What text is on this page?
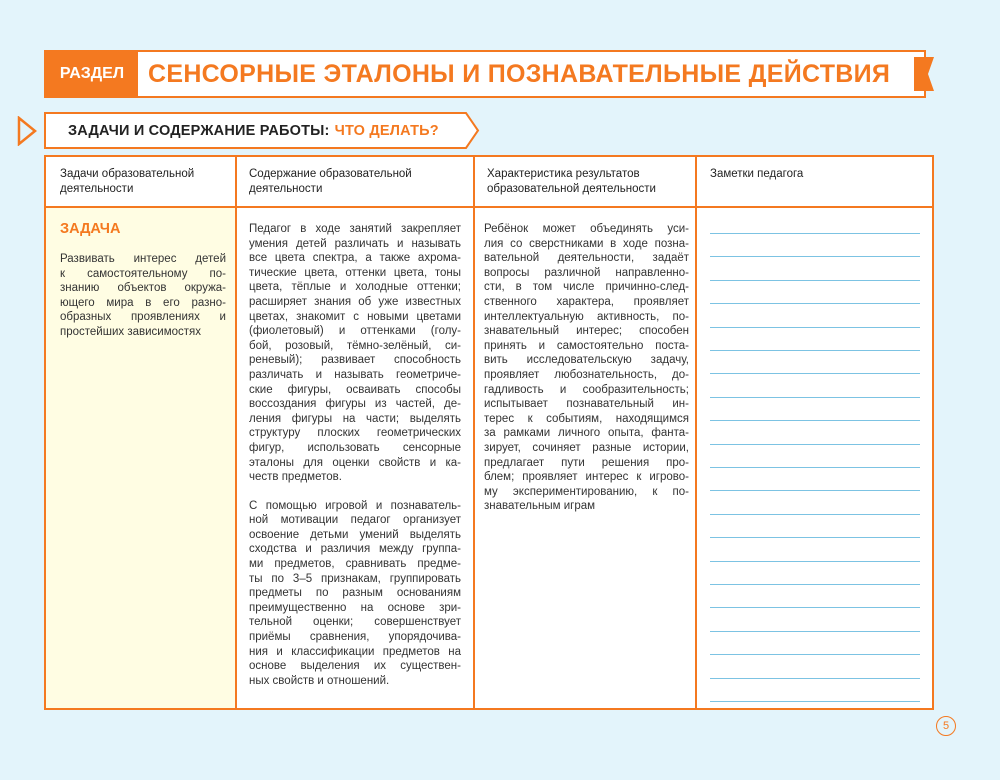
РАЗДЕЛ СЕНСОРНЫЕ ЭТАЛОНЫ И ПОЗНАВАТЕЛЬНЫЕ ДЕЙСТВИЯ
ЗАДАЧИ И СОДЕРЖАНИЕ РАБОТЫ: ЧТО ДЕЛАТЬ?
Задачи образовательной
деятельности
Содержание образовательной
деятельности
Характеристика результатов
образовательной деятельности
Заметки педагога
ЗАДАЧА
Развивать интерес детей
к самостоятельному по-
знанию объектов окружа-
ющего мира в его разно-
образных проявлениях и
простейших зависимостях
Педагог в ходе занятий закрепляет
умения детей различать и называть
все цвета спектра, а также ахрома-
тические цвета, оттенки цвета, тоны
цвета, тёплые и холодные оттенки;
расширяет знания об уже известных
цветах, знакомит с новыми цветами
(фиолетовый) и оттенками (голу-
бой, розовый, тёмно-зелёный, си-
реневый); развивает способность
различать и называть геометриче-
ские фигуры, осваивать способы
воссоздания фигуры из частей, де-
ления фигуры на части; выделять
структуру плоских геометрических
фигур, использовать сенсорные
эталоны для оценки свойств и ка-
честв предметов.
С помощью игровой и познаватель-
ной мотивации педагог организует
освоение детьми умений выделять
сходства и различия между группа-
ми предметов, сравнивать предме-
ты по 3–5 признакам, группировать
предметы по разным основаниям
преимущественно на основе зри-
тельной оценки; совершенствует
приёмы сравнения, упорядочива-
ния и классификации предметов на
основе выделения их существен-
ных свойств и отношений.
Ребёнок может объединять уси-
лия со сверстниками в ходе позна-
вательной деятельности, задаёт
вопросы различной направленно-
сти, в том числе причинно-след-
ственного характера, проявляет
интеллектуальную активность, по-
знавательный интерес; способен
принять и самостоятельно поста-
вить исследовательскую задачу,
проявляет любознательность, до-
гадливость и сообразительность;
испытывает познавательный ин-
терес к событиям, находящимся
за рамками личного опыта, фанта-
зирует, сочиняет разные истории,
предлагает пути решения про-
блем; проявляет интерес к игрово-
му экспериментированию, к по-
знавательным играм
5
